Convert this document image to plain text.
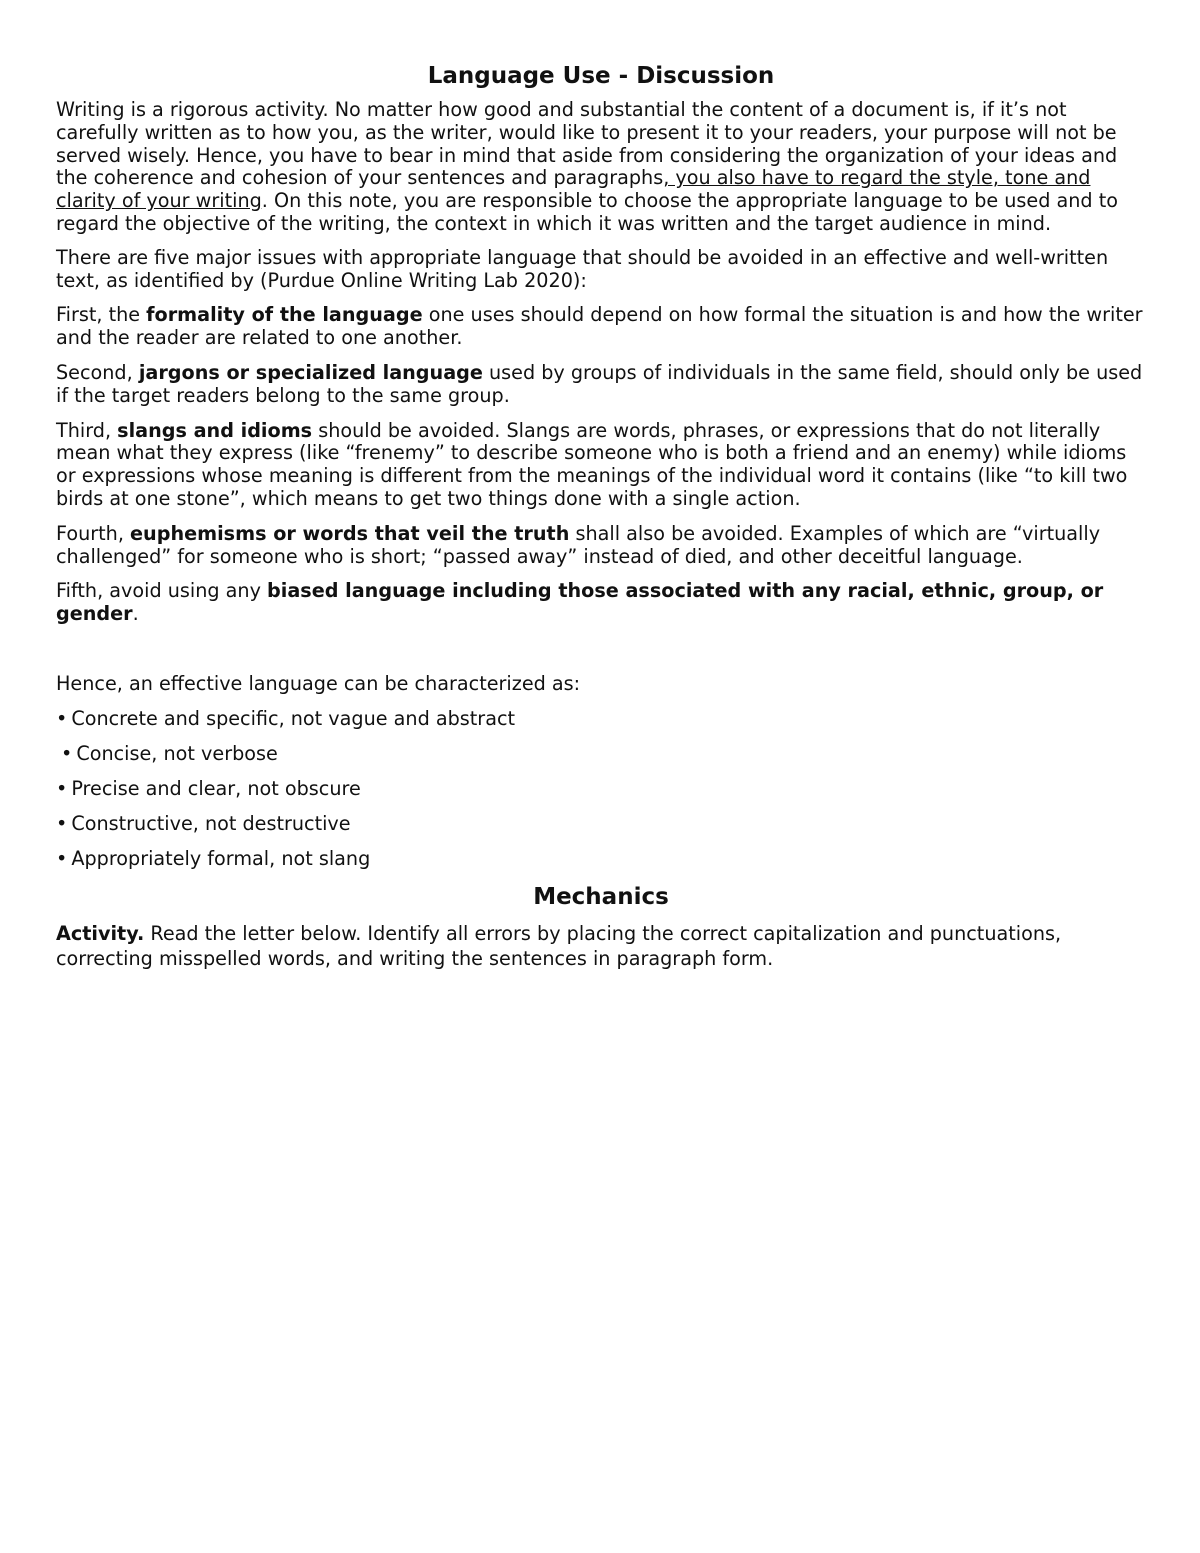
Language Use - Discussion

Writing is a rigorous activity. No matter how good and substantial the content of a document is, if it’s not carefully written as to how you, as the writer, would like to present it to your readers, your purpose will not be served wisely. Hence, you have to bear in mind that aside from considering the organization of your ideas and the coherence and cohesion of your sentences and paragraphs, you also have to regard the style, tone and clarity of your writing. On this note, you are responsible to choose the appropriate language to be used and to regard the objective of the writing, the context in which it was written and the target audience in mind.

There are five major issues with appropriate language that should be avoided in an effective and well-written text, as identified by (Purdue Online Writing Lab 2020):

First, the formality of the language one uses should depend on how formal the situation is and how the writer and the reader are related to one another.

Second, jargons or specialized language used by groups of individuals in the same field, should only be used if the target readers belong to the same group.

Third, slangs and idioms should be avoided. Slangs are words, phrases, or expressions that do not literally mean what they express (like “frenemy” to describe someone who is both a friend and an enemy) while idioms or expressions whose meaning is different from the meanings of the individual word it contains (like “to kill two birds at one stone”, which means to get two things done with a single action.

Fourth, euphemisms or words that veil the truth shall also be avoided. Examples of which are “virtually challenged” for someone who is short; “passed away” instead of died, and other deceitful language.

Fifth, avoid using any biased language including those associated with any racial, ethnic, group, or gender.

Hence, an effective language can be characterized as:

• Concrete and specific, not vague and abstract
• Concise, not verbose
• Precise and clear, not obscure
• Constructive, not destructive
• Appropriately formal, not slang
Mechanics

Activity. Read the letter below. Identify all errors by placing the correct capitalization and punctuations, correcting misspelled words, and writing the sentences in paragraph form.
